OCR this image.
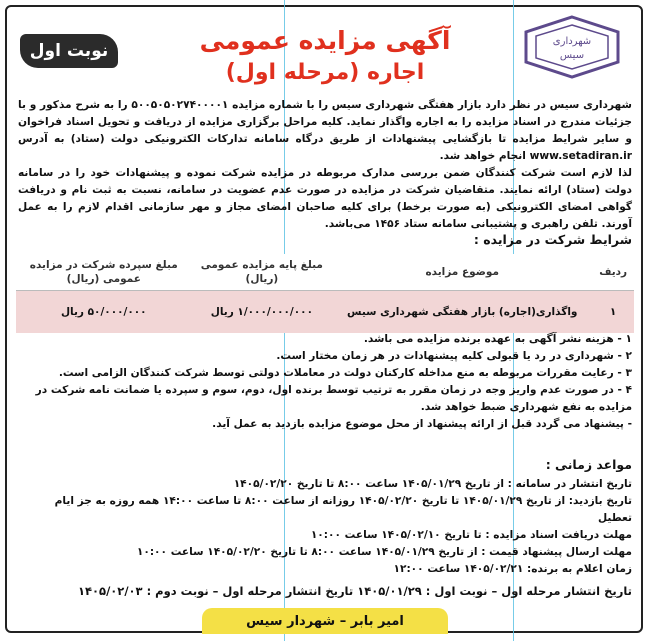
شهرداری
سیس
نوبت اول	آگهی مزایده عمومی
اجاره (مرحله اول)
شهرداری سیس در نظر دارد بازار هفتگی شهرداری سیس را با شماره مزایده ۵۰۰۵۰۵۰۲۷۴۰۰۰۰۱ را به شرح مذکور و با جزئیات مندرج در اسناد مزایده را به اجاره واگذار نماید. کلیه مراحل برگزاری مزایده از دریافت و تحویل اسناد فراخوان و سایر شرایط مزایده تا بازگشایی پیشنهادات از طریق درگاه سامانه تدارکات الکترونیکی دولت (ستاد) به آدرس www.setadiran.ir انجام خواهد شد.
لذا لازم است شرکت کنندگان ضمن بررسی مدارک مربوطه در مزایده شرکت نموده و پیشنهادات خود را در سامانه دولت (ستاد) ارائه نمایند. متقاضیان شرکت در مزایده در صورت عدم عضویت در سامانه، نسبت به ثبت نام و دریافت گواهی امضای الکترونیکی (به صورت برخط) برای کلیه صاحبان امضای مجاز و مهر سازمانی اقدام لازم را به عمل آورند. تلفن راهبری و پشتیبانی سامانه ستاد ۱۴۵۶ می‌باشد.
شرایط شرکت در مزایده :
ردیف	موضوع مزایده	مبلغ پایه مزایده عمومی (ریال)	مبلغ سپرده شرکت در مزایده عمومی (ریال)
۱	واگذاری(اجاره) بازار هفتگی شهرداری سیس	۱/۰۰۰/۰۰۰/۰۰۰ ریال	۵۰/۰۰۰/۰۰۰ ریال
۱ - هزینه نشر آگهی به عهده برنده مزایده می باشد.
۲ - شهرداری در رد یا قبولی کلیه پیشنهادات در هر زمان مختار است.
۳ - رعایت مقررات مربوطه به منع مداخله کارکنان دولت در معاملات دولتی توسط شرکت کنندگان الزامی است.
۴ - در صورت عدم واریز وجه در زمان مقرر به ترتیب توسط برنده اول، دوم، سوم و سپرده یا ضمانت نامه شرکت در مزایده به نفع شهرداری ضبط خواهد شد.
- پیشنهاد می گردد قبل از ارائه پیشنهاد از محل موضوع مزایده بازدید به عمل آید.
مواعد زمانی :
تاریخ انتشار در سامانه : از تاریخ ۱۴۰۵/۰۱/۲۹ ساعت ۸:۰۰ تا تاریخ ۱۴۰۵/۰۲/۲۰
تاریخ بازدید: از تاریخ ۱۴۰۵/۰۱/۲۹ تا تاریخ ۱۴۰۵/۰۲/۲۰ روزانه از ساعت ۸:۰۰ تا ساعت ۱۴:۰۰ همه روزه به جز ایام تعطیل
مهلت دریافت اسناد مزایده : تا تاریخ ۱۴۰۵/۰۲/۱۰ ساعت ۱۰:۰۰
مهلت ارسال پیشنهاد قیمت : از تاریخ ۱۴۰۵/۰۱/۲۹ ساعت ۸:۰۰ تا تاریخ ۱۴۰۵/۰۲/۲۰ ساعت ۱۰:۰۰
زمان اعلام به برنده: ۱۴۰۵/۰۲/۲۱ ساعت ۱۲:۰۰
تاریخ انتشار مرحله اول – نوبت اول : ۱۴۰۵/۰۱/۲۹ تاریخ انتشار مرحله اول – نوبت دوم : ۱۴۰۵/۰۲/۰۳
امیر بابر – شهردار سیس
